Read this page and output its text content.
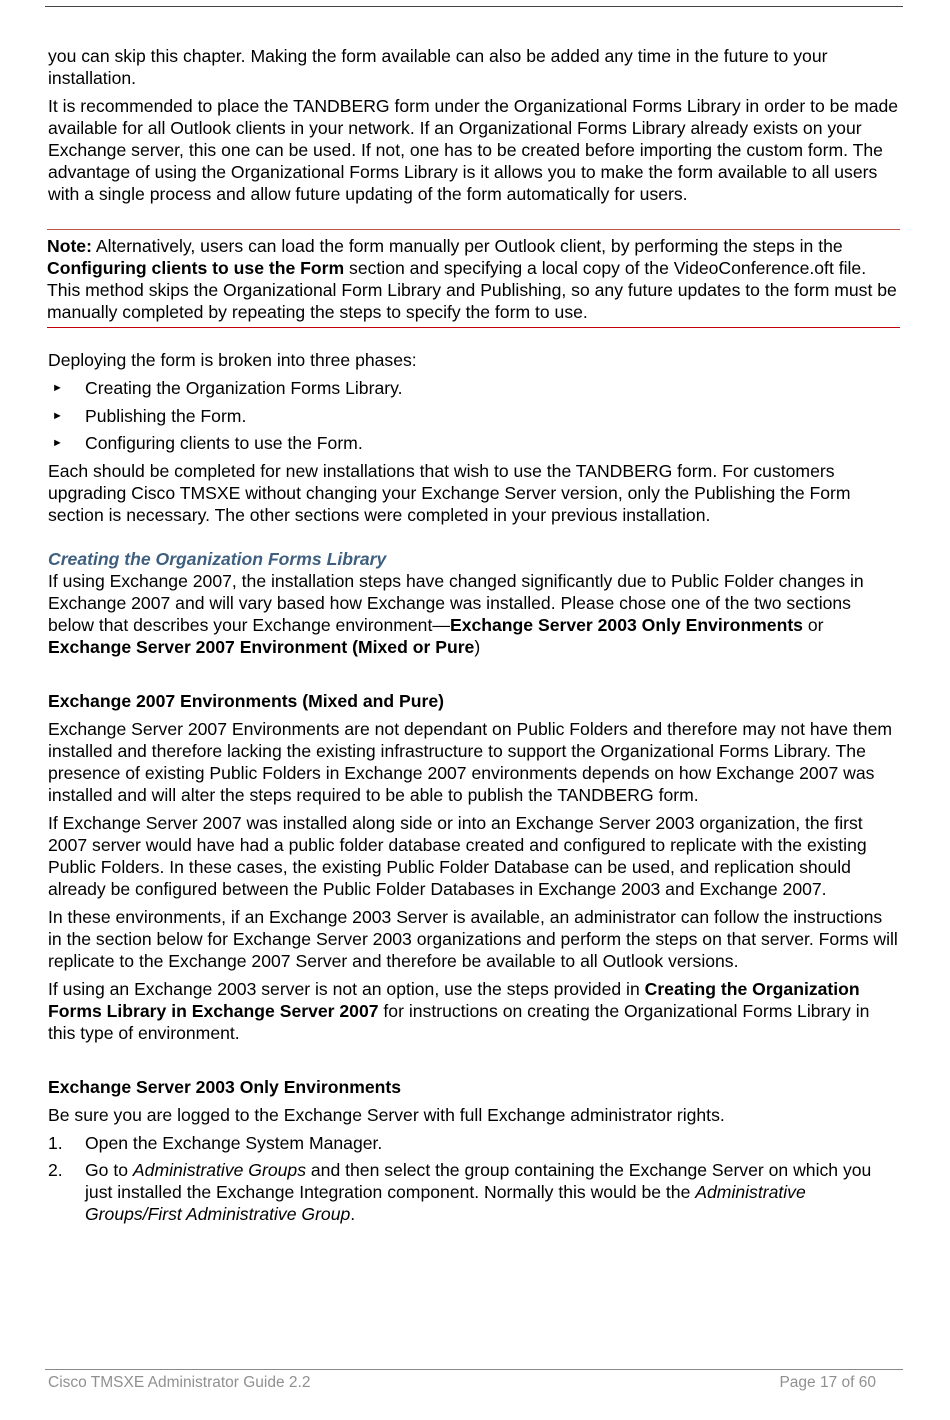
you can skip this chapter. Making the form available can also be added any time in the future to your installation.

It is recommended to place the TANDBERG form under the Organizational Forms Library in order to be made available for all Outlook clients in your network. If an Organizational Forms Library already exists on your Exchange server, this one can be used. If not, one has to be created before importing the custom form. The advantage of using the Organizational Forms Library is it allows you to make the form available to all users with a single process and allow future updating of the form automatically for users.

Note: Alternatively, users can load the form manually per Outlook client, by performing the steps in the Configuring clients to use the Form section and specifying a local copy of the VideoConference.oft file. This method skips the Organizational Form Library and Publishing, so any future updates to the form must be manually completed by repeating the steps to specify the form to use.

Deploying the form is broken into three phases:

► Creating the Organization Forms Library.
► Publishing the Form.
► Configuring clients to use the Form.

Each should be completed for new installations that wish to use the TANDBERG form. For customers upgrading Cisco TMSXE without changing your Exchange Server version, only the Publishing the Form section is necessary. The other sections were completed in your previous installation.

Creating the Organization Forms Library

If using Exchange 2007, the installation steps have changed significantly due to Public Folder changes in Exchange 2007 and will vary based how Exchange was installed. Please chose one of the two sections below that describes your Exchange environment—Exchange Server 2003 Only Environments or Exchange Server 2007 Environment (Mixed or Pure)

Exchange 2007 Environments (Mixed and Pure)

Exchange Server 2007 Environments are not dependant on Public Folders and therefore may not have them installed and therefore lacking the existing infrastructure to support the Organizational Forms Library. The presence of existing Public Folders in Exchange 2007 environments depends on how Exchange 2007 was installed and will alter the steps required to be able to publish the TANDBERG form.

If Exchange Server 2007 was installed along side or into an Exchange Server 2003 organization, the first 2007 server would have had a public folder database created and configured to replicate with the existing Public Folders. In these cases, the existing Public Folder Database can be used, and replication should already be configured between the Public Folder Databases in Exchange 2003 and Exchange 2007.

In these environments, if an Exchange 2003 Server is available, an administrator can follow the instructions in the section below for Exchange Server 2003 organizations and perform the steps on that server. Forms will replicate to the Exchange 2007 Server and therefore be available to all Outlook versions.

If using an Exchange 2003 server is not an option, use the steps provided in Creating the Organization Forms Library in Exchange Server 2007 for instructions on creating the Organizational Forms Library in this type of environment.

Exchange Server 2003 Only Environments

Be sure you are logged to the Exchange Server with full Exchange administrator rights.

1. Open the Exchange System Manager.
2. Go to Administrative Groups and then select the group containing the Exchange Server on which you just installed the Exchange Integration component. Normally this would be the Administrative Groups/First Administrative Group.
Cisco TMSXE Administrator Guide 2.2	Page 17 of 60
